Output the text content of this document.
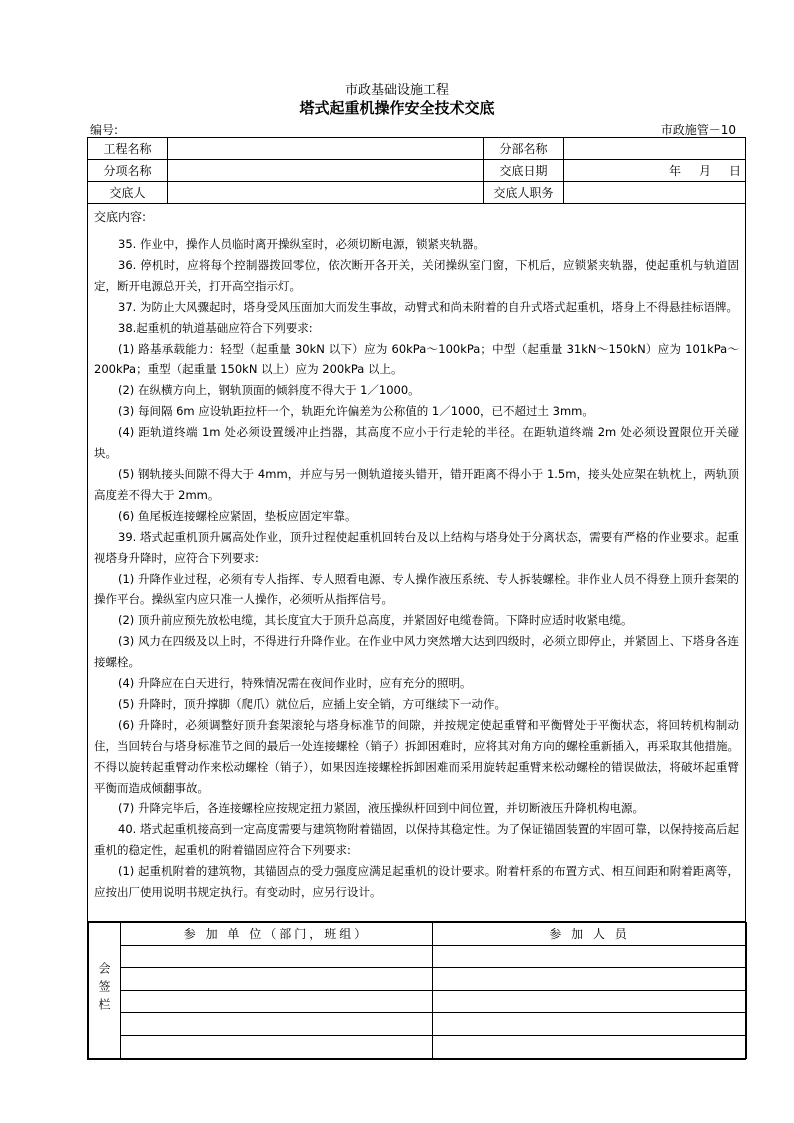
市政基础设施工程
塔式起重机操作安全技术交底
编号:	市政施管－10
工程名称		分部名称	
分项名称		交底日期	年 月 日
交底人		交底人职务	

交底内容:

35. 作业中，操作人员临时离开操纵室时，必须切断电源，锁紧夹轨器。

36. 停机时，应将每个控制器拨回零位，依次断开各开关，关闭操纵室门窗，下机后，应锁紧夹轨器，使起重机与轨道固定，断开电源总开关，打开高空指示灯。

37. 为防止大风骤起时，塔身受风压面加大而发生事故，动臂式和尚未附着的自升式塔式起重机，塔身上不得悬挂标语牌。

38.起重机的轨道基础应符合下列要求:

(1) 路基承载能力：轻型（起重量 30kN 以下）应为 60kPa～100kPa；中型（起重量 31kN～150kN）应为 101kPa～200kPa；重型（起重量 150kN 以上）应为 200kPa 以上。

(2) 在纵横方向上，钢轨顶面的倾斜度不得大于 1／1000。

(3) 每间隔 6m 应设轨距拉杆一个，轨距允许偏差为公称值的 1／1000，已不超过土 3mm。

(4) 距轨道终端 1m 处必须设置缓冲止挡器，其高度不应小于行走轮的半径。在距轨道终端 2m 处必须设置限位开关碰块。

(5) 钢轨接头间隙不得大于 4mm，并应与另一侧轨道接头错开，错开距离不得小于 1.5m，接头处应架在轨枕上，两轨顶高度差不得大于 2mm。

(6) 鱼尾板连接螺栓应紧固，垫板应固定牢靠。

39. 塔式起重机顶升属高处作业，顶升过程使起重机回转台及以上结构与塔身处于分离状态，需要有严格的作业要求。起重视塔身升降时，应符合下列要求:

(1) 升降作业过程，必须有专人指挥、专人照看电源、专人操作液压系统、专人拆装螺栓。非作业人员不得登上顶升套架的操作平台。操纵室内应只准一人操作，必须听从指挥信号。

(2) 顶升前应预先放松电缆，其长度宜大于顶升总高度，并紧固好电缆卷筒。下降时应适时收紧电缆。

(3) 风力在四级及以上时，不得进行升降作业。在作业中风力突然增大达到四级时，必须立即停止，并紧固上、下塔身各连接螺栓。

(4) 升降应在白天进行，特殊情况需在夜间作业时，应有充分的照明。

(5) 升降时，顶升撑脚（爬爪）就位后，应插上安全销，方可继续下一动作。

(6) 升降时，必须调整好顶升套架滚轮与塔身标准节的间隙，并按规定使起重臂和平衡臂处于平衡状态，将回转机构制动住，当回转台与塔身标准节之间的最后一处连接螺栓（销子）拆卸困难时，应将其对角方向的螺栓重新插入，再采取其他措施。不得以旋转起重臂动作来松动螺栓（销子），如果因连接螺栓拆卸困难而采用旋转起重臂来松动螺栓的错误做法，将破坏起重臂平衡而造成倾翻事故。

(7) 升降完毕后，各连接螺栓应按规定扭力紧固，液压操纵杆回到中间位置，并切断液压升降机构电源。

40. 塔式起重机接高到一定高度需要与建筑物附着锚固，以保持其稳定性。为了保证锚固装置的牢固可靠，以保持接高后起重机的稳定性，起重机的附着锚固应符合下列要求:

(1) 起重机附着的建筑物，其锚固点的受力强度应满足起重机的设计要求。附着杆系的布置方式、相互间距和附着距离等，应按出厂使用说明书规定执行。有变动时，应另行设计。

会签栏	参 加 单 位（部门，班组）	参 加 人 员
